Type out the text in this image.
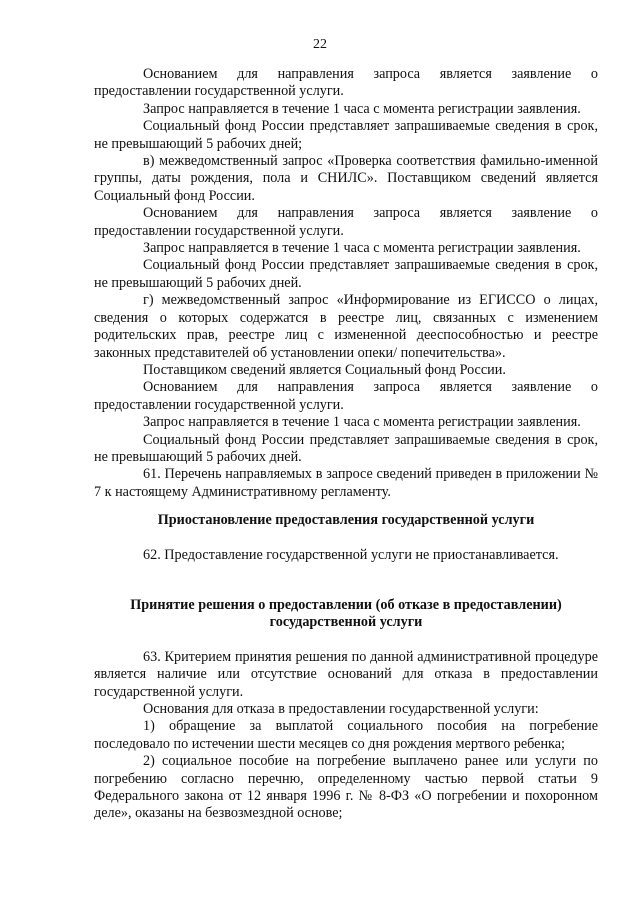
22

Основанием для направления запроса является заявление о предоставлении государственной услуги.

Запрос направляется в течение 1 часа с момента регистрации заявления.

Социальный фонд России представляет запрашиваемые сведения в срок, не превышающий 5 рабочих дней;

в) межведомственный запрос «Проверка соответствия фамильно-именной группы, даты рождения, пола и СНИЛС». Поставщиком сведений является Социальный фонд России.

Основанием для направления запроса является заявление о предоставлении государственной услуги.

Запрос направляется в течение 1 часа с момента регистрации заявления.

Социальный фонд России представляет запрашиваемые сведения в срок, не превышающий 5 рабочих дней.

г) межведомственный запрос «Информирование из ЕГИССО о лицах, сведения о которых содержатся в реестре лиц, связанных с изменением родительских прав, реестре лиц с измененной дееспособностью и реестре законных представителей об установлении опеки/ попечительства».

Поставщиком сведений является Социальный фонд России.

Основанием для направления запроса является заявление о предоставлении государственной услуги.

Запрос направляется в течение 1 часа с момента регистрации заявления.

Социальный фонд России представляет запрашиваемые сведения в срок, не превышающий 5 рабочих дней.

61. Перечень направляемых в запросе сведений приведен в приложении № 7 к настоящему Административному регламенту.

Приостановление предоставления государственной услуги

62. Предоставление государственной услуги не приостанавливается.

Принятие решения о предоставлении (об отказе в предоставлении)
государственной услуги

63. Критерием принятия решения по данной административной процедуре является наличие или отсутствие оснований для отказа в предоставлении государственной услуги.

Основания для отказа в предоставлении государственной услуги:

1) обращение за выплатой социального пособия на погребение последовало по истечении шести месяцев со дня рождения мертвого ребенка;

2) социальное пособие на погребение выплачено ранее или услуги по погребению согласно перечню, определенному частью первой статьи 9 Федерального закона от 12 января 1996 г. № 8-ФЗ «О погребении и похоронном деле», оказаны на безвозмездной основе;
